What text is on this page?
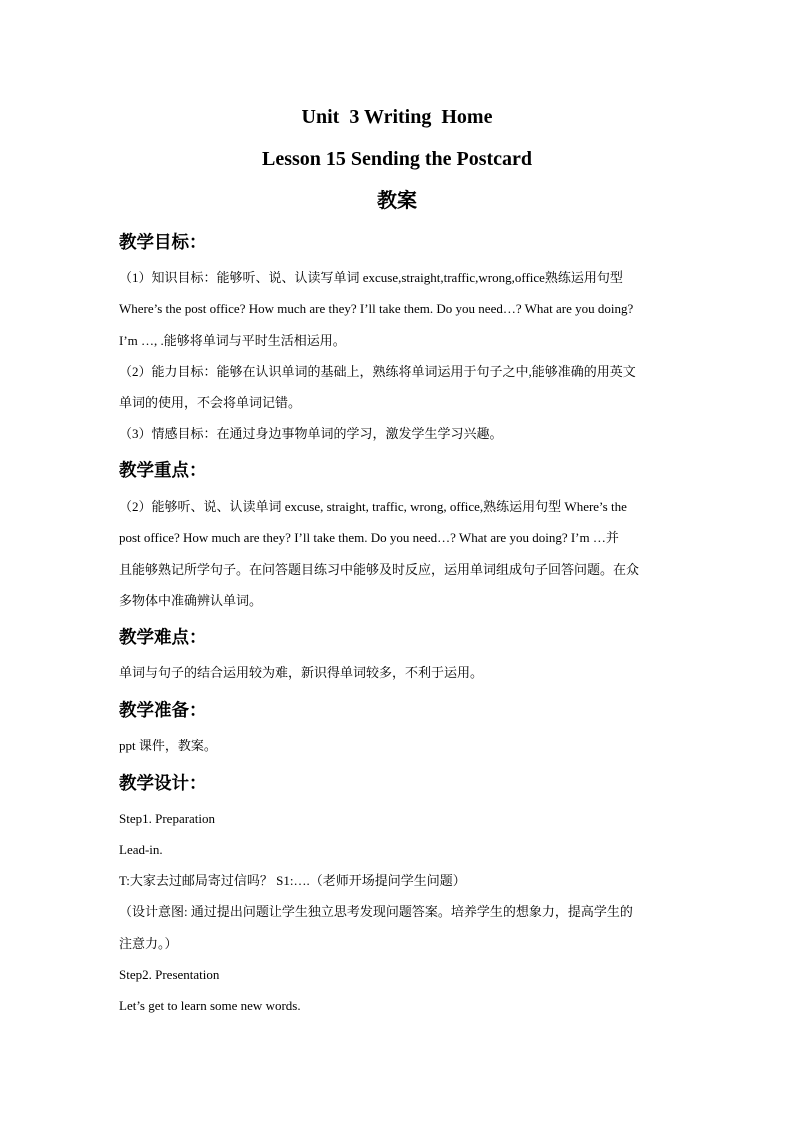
Unit  3 Writing  Home
Lesson 15 Sending the Postcard
教案
教学目标：
（1）知识目标：能够听、说、认读写单词 excuse,straight,traffic,wrong,office熟练运用句型
Where’s the post office? How much are they? I’ll take them. Do you need…? What are you doing?
I’m …, .能够将单词与平时生活相运用。
（2）能力目标：能够在认识单词的基础上，熟练将单词运用于句子之中,能够准确的用英文
单词的使用，不会将单词记错。
（3）情感目标：在通过身边事物单词的学习，激发学生学习兴趣。
教学重点：
（2）能够听、说、认读单词 excuse, straight, traffic, wrong, office,熟练运用句型 Where’s the
post office? How much are they? I’ll take them. Do you need…? What are you doing? I’m …并
且能够熟记所学句子。在问答题目练习中能够及时反应，运用单词组成句子回答问题。在众
多物体中准确辨认单词。
教学难点：
单词与句子的结合运用较为难，新识得单词较多，不利于运用。
教学准备：
ppt 课件，教案。
教学设计：
Step1. Preparation
Lead-in.
T:大家去过邮局寄过信吗？ S1:….（老师开场提问学生问题）
（设计意图: 通过提出问题让学生独立思考发现问题答案。培养学生的想象力，提高学生的
注意力。）
Step2. Presentation
Let’s get to learn some new words.
